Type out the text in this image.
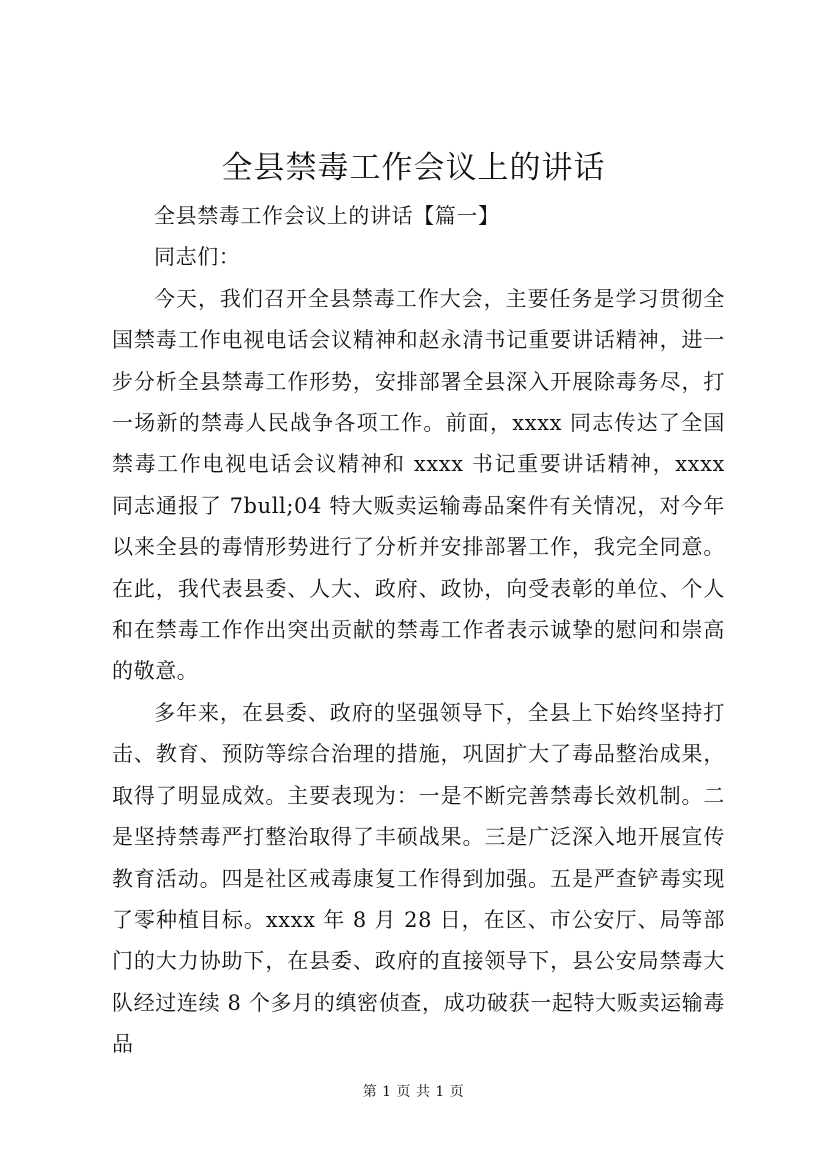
全县禁毒工作会议上的讲话

全县禁毒工作会议上的讲话【篇一】

同志们：

今天，我们召开全县禁毒工作大会，主要任务是学习贯彻全国禁毒工作电视电话会议精神和赵永清书记重要讲话精神，进一步分析全县禁毒工作形势，安排部署全县深入开展除毒务尽，打一场新的禁毒人民战争各项工作。前面，xxxx 同志传达了全国禁毒工作电视电话会议精神和 xxxx 书记重要讲话精神，xxxx 同志通报了 7bull;04 特大贩卖运输毒品案件有关情况，对今年以来全县的毒情形势进行了分析并安排部署工作，我完全同意。在此，我代表县委、人大、政府、政协，向受表彰的单位、个人和在禁毒工作作出突出贡献的禁毒工作者表示诚挚的慰问和崇高的敬意。

多年来，在县委、政府的坚强领导下，全县上下始终坚持打击、教育、预防等综合治理的措施，巩固扩大了毒品整治成果，取得了明显成效。主要表现为：一是不断完善禁毒长效机制。二是坚持禁毒严打整治取得了丰硕战果。三是广泛深入地开展宣传教育活动。四是社区戒毒康复工作得到加强。五是严查铲毒实现了零种植目标。xxxx 年 8 月 28 日，在区、市公安厅、局等部门的大力协助下，在县委、政府的直接领导下，县公安局禁毒大队经过连续 8 个多月的缜密侦查，成功破获一起特大贩卖运输毒品

第 1 页 共 1 页
